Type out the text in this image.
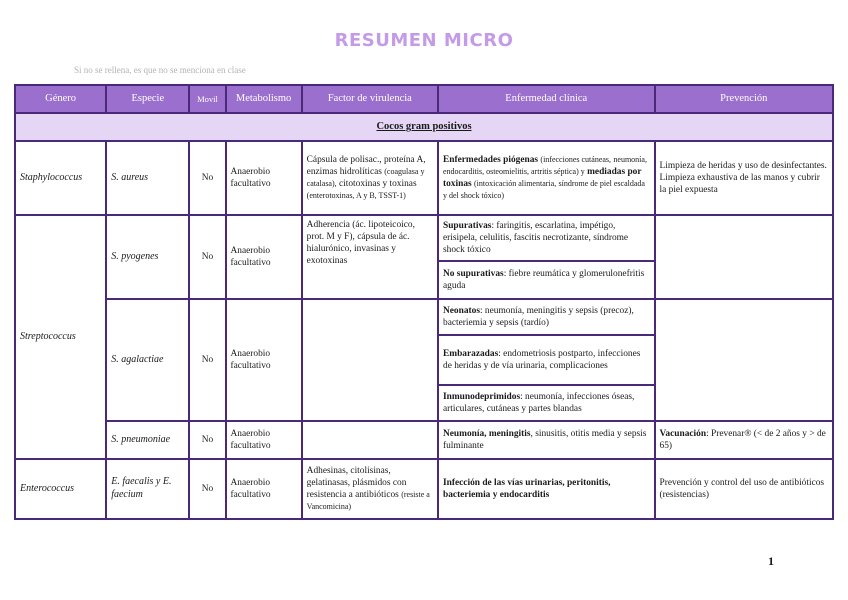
RESUMEN MICRO
Si no se rellena, es que no se menciona en clase
Género	Especie	Movil	Metabolismo	Factor de virulencia	Enfermedad clínica	Prevención
Cocos gram positivos						
Staphylococcus	S. aureus	No	Anaerobio facultativo	Cápsula de polisac., proteína A, enzimas hidrolíticas (coagulasa y catalasa), citotoxinas y toxinas (enterotoxinas, A y B, TSST-1)	Enfermedades piógenas (infecciones cutáneas, neumonía, endocarditis, osteomielitis, artritis séptica) y mediadas por toxinas (intoxicación alimentaria, síndrome de piel escaldada y del shock tóxico)	Limpieza de heridas y uso de desinfectantes. Limpieza exhaustiva de las manos y cubrir la piel expuesta
Streptococcus	S. pyogenes	No	Anaerobio facultativo	Adherencia (ác. lipoteicoico, prot. M y F), cápsula de ác. hialurónico, invasinas y exotoxinas	Supurativas: faringitis, escarlatina, impétigo, erisipela, celulitis, fascitis necrotizante, síndrome shock tóxico	
					No supurativas: fiebre reumática y glomerulonefritis aguda	
	S. agalactiae	No	Anaerobio facultativo		Neonatos: neumonía, meningitis y sepsis (precoz), bacteriemia y sepsis (tardío)	
					Embarazadas: endometriosis postparto, infecciones de heridas y de vía urinaria, complicaciones	
					Inmunodeprimidos: neumonía, infecciones óseas, articulares, cutáneas y partes blandas	
	S. pneumoniae	No	Anaerobio facultativo		Neumonía, meningitis, sinusitis, otitis media y sepsis fulminante	Vacunación: Prevenar® (< de 2 años y > de 65)

Enterococcus	E. faecalis y E. faecium	No	Anaerobio facultativo	Adhesinas, citolisinas, gelatinasas, plásmidos con resistencia a antibióticos (resiste a Vancomicina)	Infección de las vías urinarias, peritonitis, bacteriemia y endocarditis	Prevención y control del uso de antibióticos (resistencias)
1
